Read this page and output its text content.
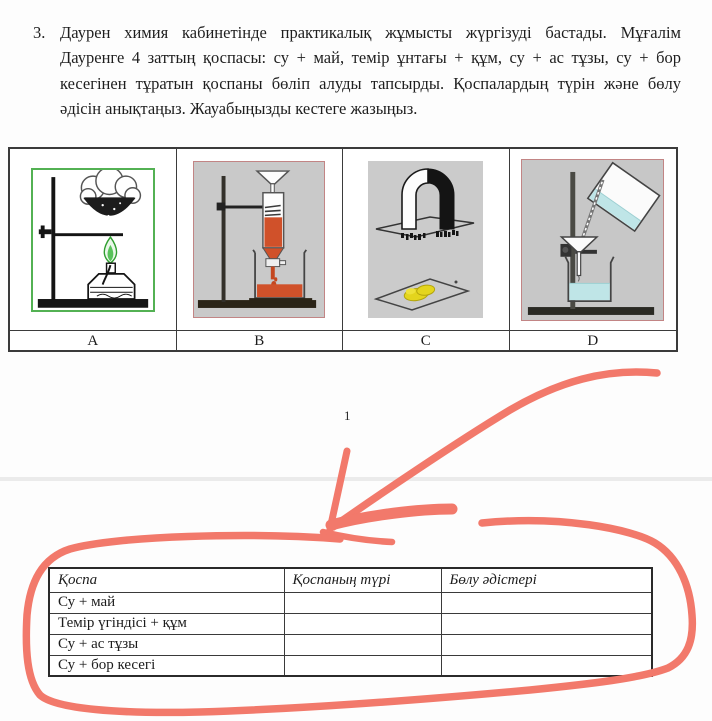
3. Даурен химия кабинетінде практикалық жұмысты жүргізуді бастады. Мұғалім
Дауренге 4 заттың қоспасы: су + май, темір ұнтағы + құм, су + ас тұзы, су + бор
кесегінен тұратын қоспаны бөліп алуды тапсырды. Қоспалардың түрін және бөлу
әдісін анықтаңыз. Жауабыңызды кестеге жазыңыз.
A	B	C	D
1
Қоспа	Қоспаның түрі	Бөлу әдістері
Су + май		
Темір үгіндісі + құм		
Су + ас тұзы		
Су + бор кесегі		
